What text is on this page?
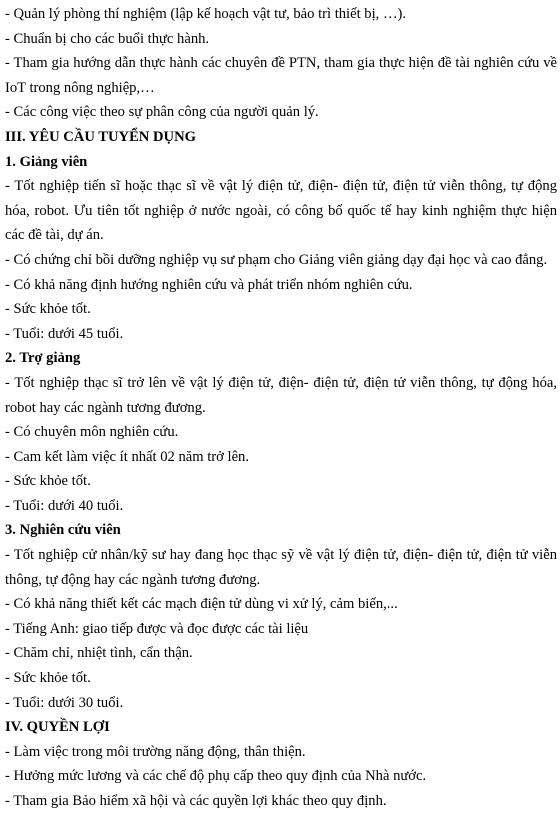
- Quản lý phòng thí nghiệm (lập kế hoạch vật tư, bảo trì thiết bị, …).

- Chuẩn bị cho các buổi thực hành.

- Tham gia hướng dẫn thực hành các chuyên đề PTN, tham gia thực hiện đề tài nghiên cứu về IoT trong nông nghiệp,…

- Các công việc theo sự phân công của người quản lý.

III. YÊU CẦU TUYỂN DỤNG

1. Giảng viên

- Tốt nghiệp tiến sĩ hoặc thạc sĩ về vật lý điện tử, điện- điện tử, điện tử viễn thông, tự động hóa, robot. Ưu tiên tốt nghiệp ở nước ngoài, có công bố quốc tế hay kinh nghiệm thực hiện các đề tài, dự án.

- Có chứng chỉ bồi dưỡng nghiệp vụ sư phạm cho Giảng viên giảng dạy đại học và cao đẳng.

- Có khả năng định hướng nghiên cứu và phát triển nhóm nghiên cứu.

- Sức khỏe tốt.

- Tuổi: dưới 45 tuổi.

2. Trợ giảng

- Tốt nghiệp thạc sĩ trở lên về vật lý điện tử, điện- điện tử, điện tử viễn thông, tự động hóa, robot hay các ngành tương đương.

- Có chuyên môn nghiên cứu.

- Cam kết làm việc ít nhất 02 năm trở lên.

- Sức khỏe tốt.

- Tuổi: dưới 40 tuổi.

3. Nghiên cứu viên

- Tốt nghiệp cử nhân/kỹ sư hay đang học thạc sỹ về vật lý điện tử, điện- điện tử, điện tử viễn thông, tự động hay các ngành tương đương.

- Có khả năng thiết kết các mạch điện tử dùng vi xử lý, cảm biến,...

- Tiếng Anh: giao tiếp được và đọc được các tài liệu

- Chăm chỉ, nhiệt tình, cẩn thận.

- Sức khỏe tốt.

- Tuổi: dưới 30 tuổi.

IV. QUYỀN LỢI

- Làm việc trong môi trường năng động, thân thiện.

- Hưởng mức lương và các chế độ phụ cấp theo quy định của Nhà nước.

- Tham gia Bảo hiểm xã hội và các quyền lợi khác theo quy định.
